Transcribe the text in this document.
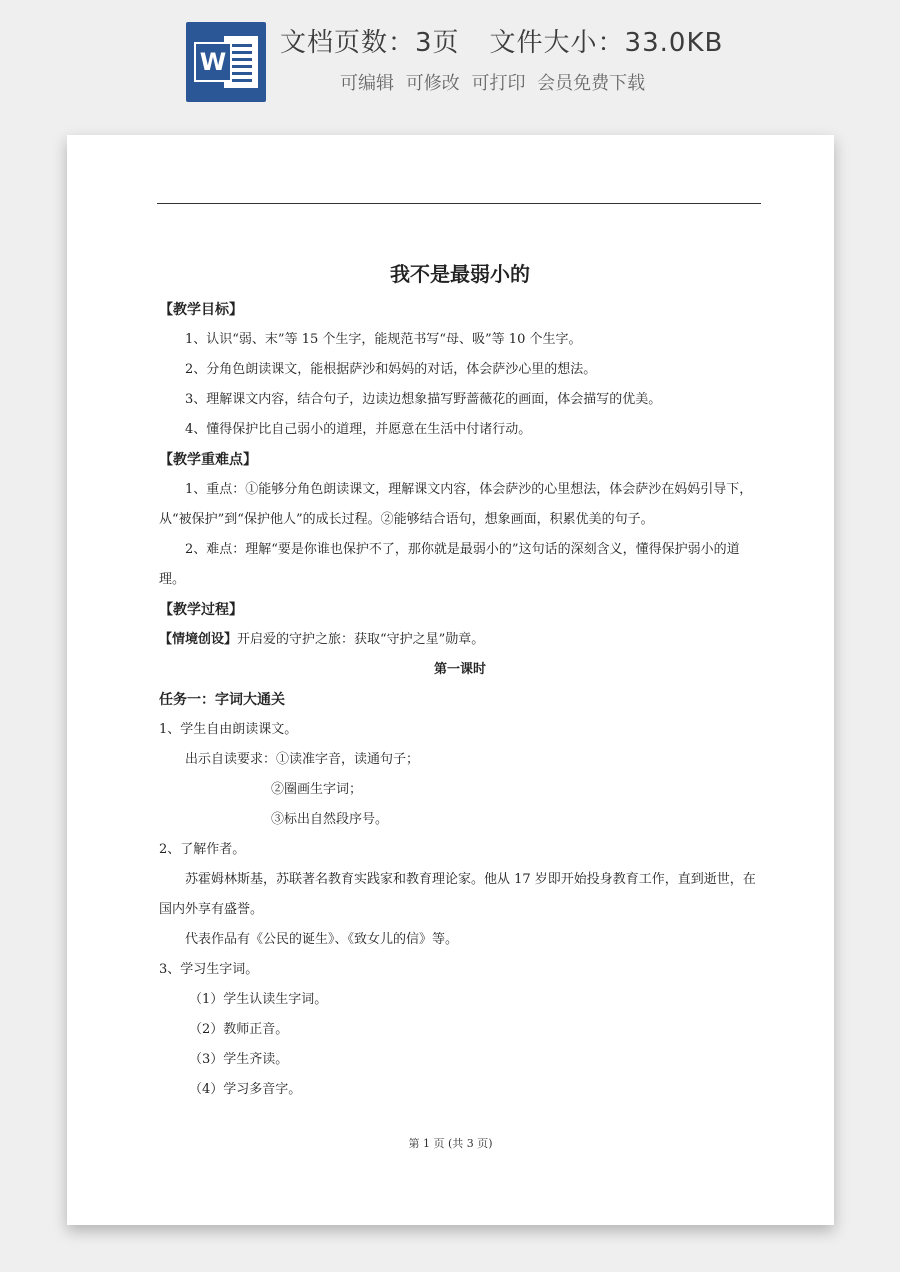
W
文档页数：3页 文件大小：33.0KB
可编辑 可修改 可打印 会员免费下载
我不是最弱小的
【教学目标】

1、认识“弱、末”等 15 个生字，能规范书写“母、吸”等 10 个生字。

2、分角色朗读课文，能根据萨沙和妈妈的对话，体会萨沙心里的想法。

3、理解课文内容，结合句子，边读边想象描写野蔷薇花的画面，体会描写的优美。

4、懂得保护比自己弱小的道理，并愿意在生活中付诸行动。

【教学重难点】

1、重点：①能够分角色朗读课文，理解课文内容，体会萨沙的心里想法，体会萨沙在妈妈引导下，从“被保护”到“保护他人”的成长过程。②能够结合语句，想象画面，积累优美的句子。

2、难点：理解“要是你谁也保护不了，那你就是最弱小的”这句话的深刻含义，懂得保护弱小的道理。

【教学过程】

【情境创设】开启爱的守护之旅：获取“守护之星”勋章。

第一课时
任务一：字词大通关

1、学生自由朗读课文。

出示自读要求：①读准字音，读通句子；

②圈画生字词；

③标出自然段序号。

2、了解作者。

苏霍姆林斯基，苏联著名教育实践家和教育理论家。他从 17 岁即开始投身教育工作，直到逝世，在国内外享有盛誉。

代表作品有《公民的诞生》、《致女儿的信》等。

3、学习生字词。

（1）学生认读生字词。

（2）教师正音。

（3）学生齐读。

（4）学习多音字。

第 1 页 (共 3 页)
